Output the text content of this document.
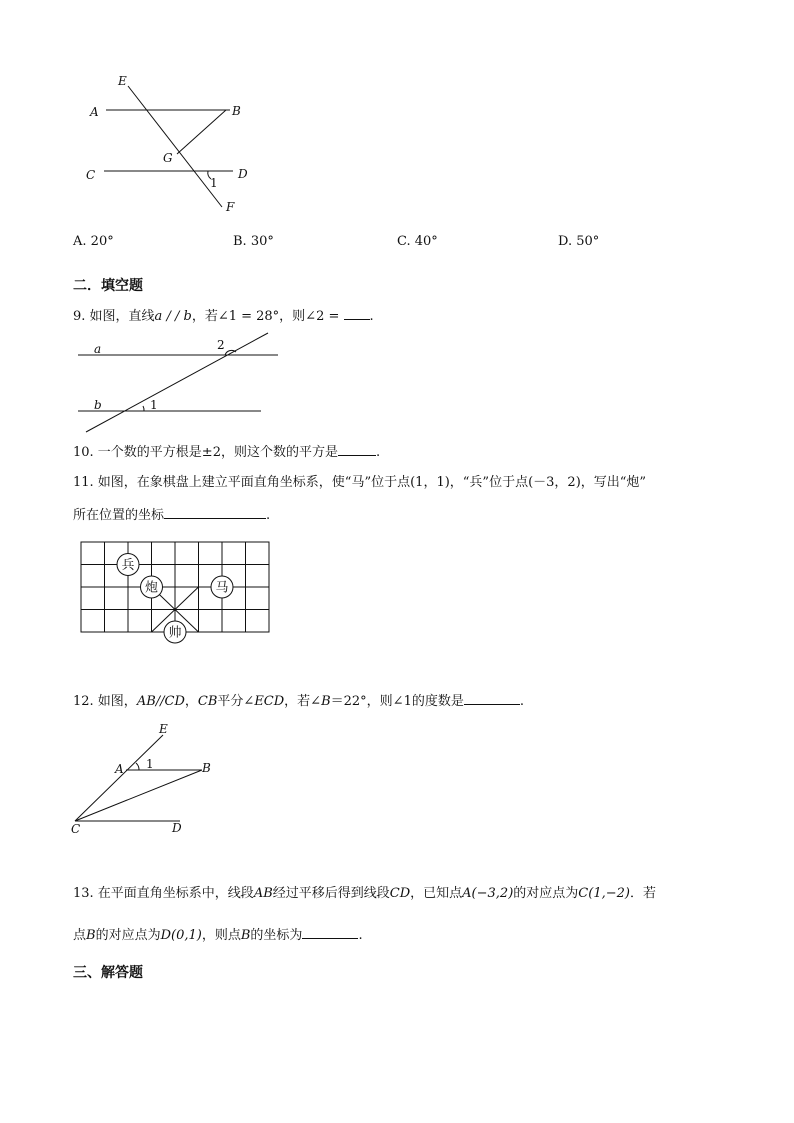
E
A	B
G
C	D
1
F
A. 20°	B. 30°	C. 40°	D. 50°
二．填空题
9. 如图，直线a / / b，若∠1 = 28°，则∠2 = .
a
b
2
1
10. 一个数的平方根是±2，则这个数的平方是	.
11. 如图，在象棋盘上建立平面直角坐标系，使“马”位于点(1，1)，“兵”位于点(－3，2)，写出“炮”
所在位置的坐标	.
兵
炮	马
帅
12. 如图，AB//CD，CB平分∠ECD，若∠B＝22°，则∠1的度数是	.
E
A 1	B
C	D
13. 在平面直角坐标系中，线段AB经过平移后得到线段CD，已知点A(−3,2)的对应点为C(1,−2)．若
点B的对应点为D(0,1)，则点B的坐标为	.
三、解答题
